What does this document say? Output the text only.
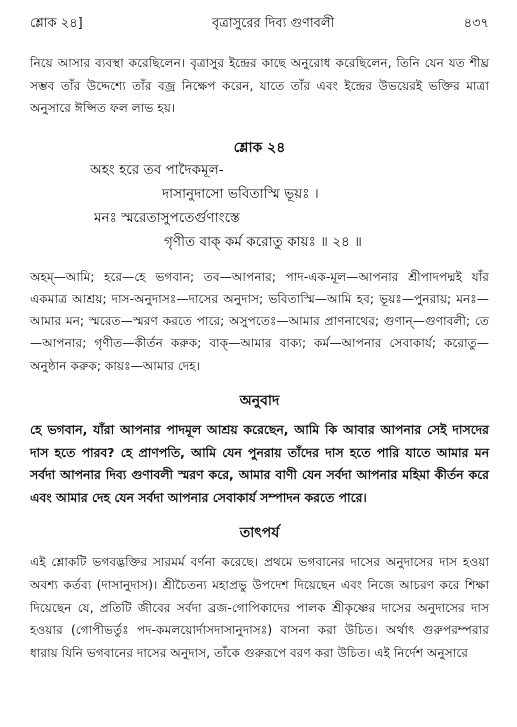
শ্লোক ২৪]	বৃত্রাসুরের দিব্য গুণাবলী	৪৩৭

নিয়ে আসার ব্যবস্থা করেছিলেন। বৃত্রাসুর ইন্দ্রের কাছে অনুরোধ করেছিলেন, তিনি যেন যত শীঘ্র সম্ভব তাঁর উদ্দেশ্যে তাঁর বজ্র নিক্ষেপ করেন, যাতে তাঁর এবং ইন্দ্রের উভয়েরই ভক্তির মাত্রা অনুসারে ঈপ্সিত ফল লাভ হয়।

শ্লোক ২৪
অহং হরে তব পাদৈকমূল-
দাসানুদাসো ভবিতাস্মি ভূয়ঃ ।
মনঃ স্মরেতাসুপতের্গুণাংস্তে
গৃণীত বাক্ কর্ম করোতু কায়ঃ ॥ ২৪ ॥

অহম্—আমি; হরে—হে ভগবান; তব—আপনার; পাদ-এক-মূল—আপনার শ্রীপাদপদ্মই যাঁর একমাত্র আশ্রয়; দাস-অনুদাসঃ—দাসের অনুদাস; ভবিতাস্মি—আমি হব; ভূয়ঃ—পুনরায়; মনঃ—আমার মন; স্মরেত—স্মরণ করতে পারে; অসুপতেঃ—আমার প্রাণনাথের; গুণান্—গুণাবলী; তে—আপনার; গৃণীত—কীর্তন করুক; বাক্—আমার বাক্য; কর্ম—আপনার সেবাকার্য; করোতু—অনুষ্ঠান করুক; কায়ঃ—আমার দেহ।

অনুবাদ

হে ভগবান, যাঁরা আপনার পাদমূল আশ্রয় করেছেন, আমি কি আবার আপনার সেই দাসদের দাস হতে পারব? হে প্রাণপতি, আমি যেন পুনরায় তাঁদের দাস হতে পারি যাতে আমার মন সর্বদা আপনার দিব্য গুণাবলী স্মরণ করে, আমার বাণী যেন সর্বদা আপনার মহিমা কীর্তন করে এবং আমার দেহ যেন সর্বদা আপনার সেবাকার্য সম্পাদন করতে পারে।

তাৎপর্য

এই শ্লোকটি ভগবদ্ভক্তির সারমর্ম বর্ণনা করেছে। প্রথমে ভগবানের দাসের অনুদাসের দাস হওয়া অবশ্য কর্তব্য (দাসানুদাস)। শ্রীচৈতন্য মহাপ্রভু উপদেশ দিয়েছেন এবং নিজে আচরণ করে শিক্ষা দিয়েছেন যে, প্রতিটি জীবের সর্বদা ব্রজ-গোপিকাদের পালক শ্রীকৃষ্ণের দাসের অনুদাসের দাস হওয়ার (গোপীভর্তুঃ পদ-কমলয়োর্দাসদাসানুদাসঃ) বাসনা করা উচিত। অর্থাৎ গুরুপরম্পরার ধারায় যিনি ভগবানের দাসের অনুদাস, তাঁকে গুরুরূপে বরণ করা উচিত। এই নির্দেশ অনুসারে
